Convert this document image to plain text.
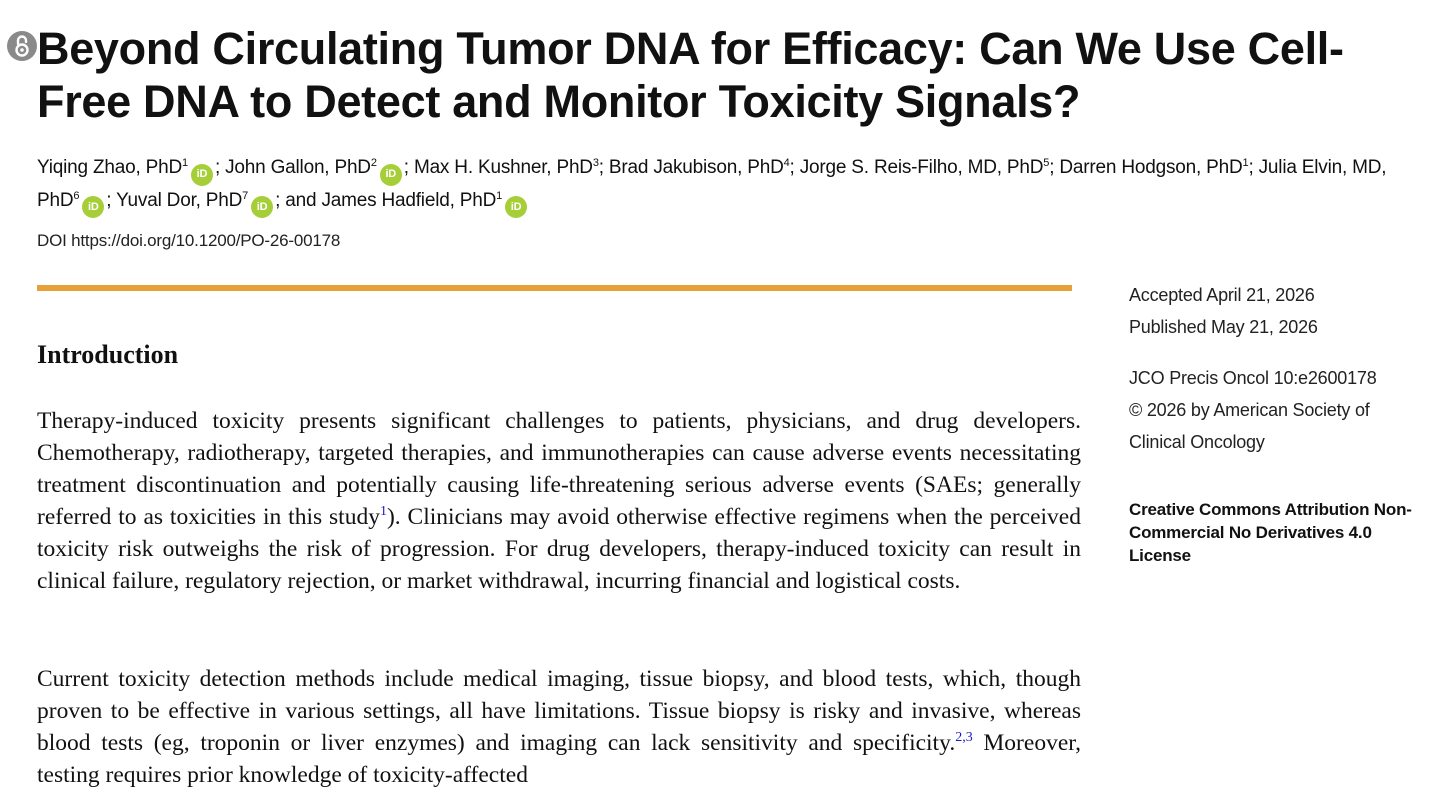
Beyond Circulating Tumor DNA for Efficacy: Can We Use Cell-Free DNA to Detect and Monitor Toxicity Signals?
Yiqing Zhao, PhD$^1$iD ; John Gallon, PhD$^2$iD ; Max H. Kushner, PhD$^3$; Brad Jakubison, PhD$^4$; Jorge S. Reis-Filho, MD, PhD$^5$; Darren Hodgson, PhD$^1$; Julia Elvin, MD, PhD$^6$iD ; Yuval Dor, PhD$^7$iD ; and James Hadfield, PhD$^1$iD
DOI https://doi.org/10.1200/PO-26-00178
Introduction

Therapy-induced toxicity presents significant challenges to patients, physicians, and drug developers. Chemotherapy, radiotherapy, targeted therapies, and immunotherapies can cause adverse events necessitating treatment discontinuation and potentially causing life-threatening serious adverse events (SAEs; generally referred to as toxicities in this study$^1$). Clinicians may avoid otherwise effective regimens when the perceived toxicity risk outweighs the risk of progression. For drug developers, therapy-induced toxicity can result in clinical failure, regulatory rejection, or market withdrawal, incurring financial and logistical costs.

Current toxicity detection methods include medical imaging, tissue biopsy, and blood tests, which, though proven to be effective in various settings, all have limitations. Tissue biopsy is risky and invasive, whereas blood tests (eg, troponin or liver enzymes) and imaging can lack sensitivity and specificity.$^{2,3}$ Moreover, testing requires prior knowledge of toxicity-affected

Accepted April 21, 2026
Published May 21, 2026
JCO Precis Oncol 10:e2600178
© 2026 by American Society of
Clinical Oncology
Creative Commons Attribution Non-Commercial No Derivatives 4.0 License
